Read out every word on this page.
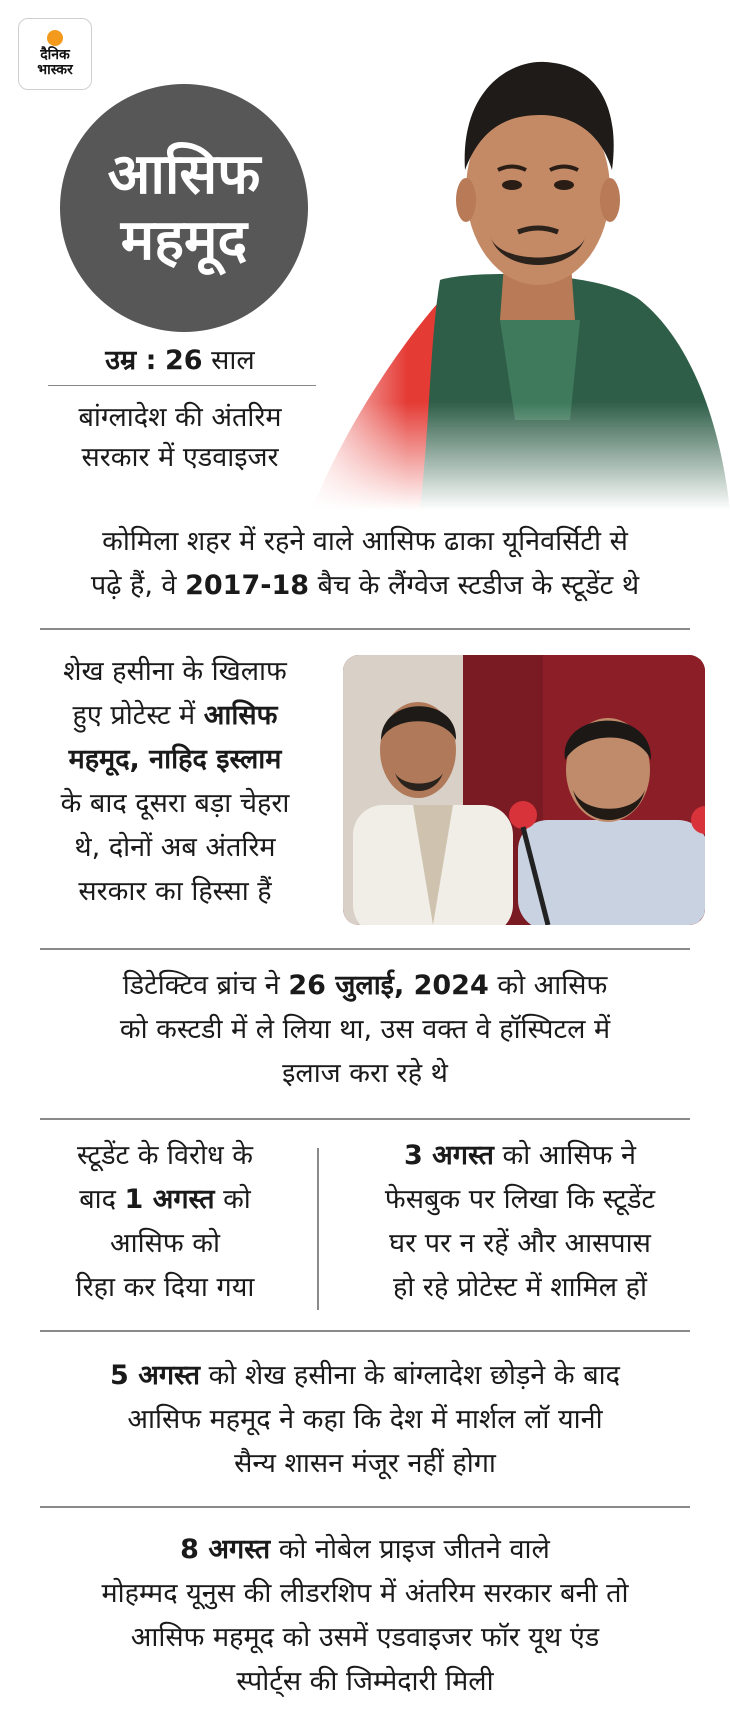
दैनिक
भास्कर
आसिफ
महमूद
उम्र : 26 साल
बांग्लादेश की अंतरिम
सरकार में एडवाइजर
कोमिला शहर में रहने वाले आसिफ ढाका यूनिवर्सिटी से
पढ़े हैं, वे 2017-18 बैच के लैंग्वेज स्टडीज के स्टूडेंट थे
शेख हसीना के खिलाफ
हुए प्रोटेस्ट में आसिफ
महमूद, नाहिद इस्लाम
के बाद दूसरा बड़ा चेहरा
थे, दोनों अब अंतरिम
सरकार का हिस्सा हैं
डिटेक्टिव ब्रांच ने 26 जुलाई, 2024 को आसिफ
को कस्टडी में ले लिया था, उस वक्त वे हॉस्पिटल में
इलाज करा रहे थे
स्टूडेंट के विरोध के
बाद 1 अगस्त को
आसिफ को
रिहा कर दिया गया
3 अगस्त को आसिफ ने
फेसबुक पर लिखा कि स्टूडेंट
घर पर न रहें और आसपास
हो रहे प्रोटेस्ट में शामिल हों
5 अगस्त को शेख हसीना के बांग्लादेश छोड़ने के बाद
आसिफ महमूद ने कहा कि देश में मार्शल लॉ यानी
सैन्य शासन मंजूर नहीं होगा
8 अगस्त को नोबेल प्राइज जीतने वाले
मोहम्मद यूनुस की लीडरशिप में अंतरिम सरकार बनी तो
आसिफ महमूद को उसमें एडवाइजर फॉर यूथ एंड
स्पोर्ट्स की जिम्मेदारी मिली
